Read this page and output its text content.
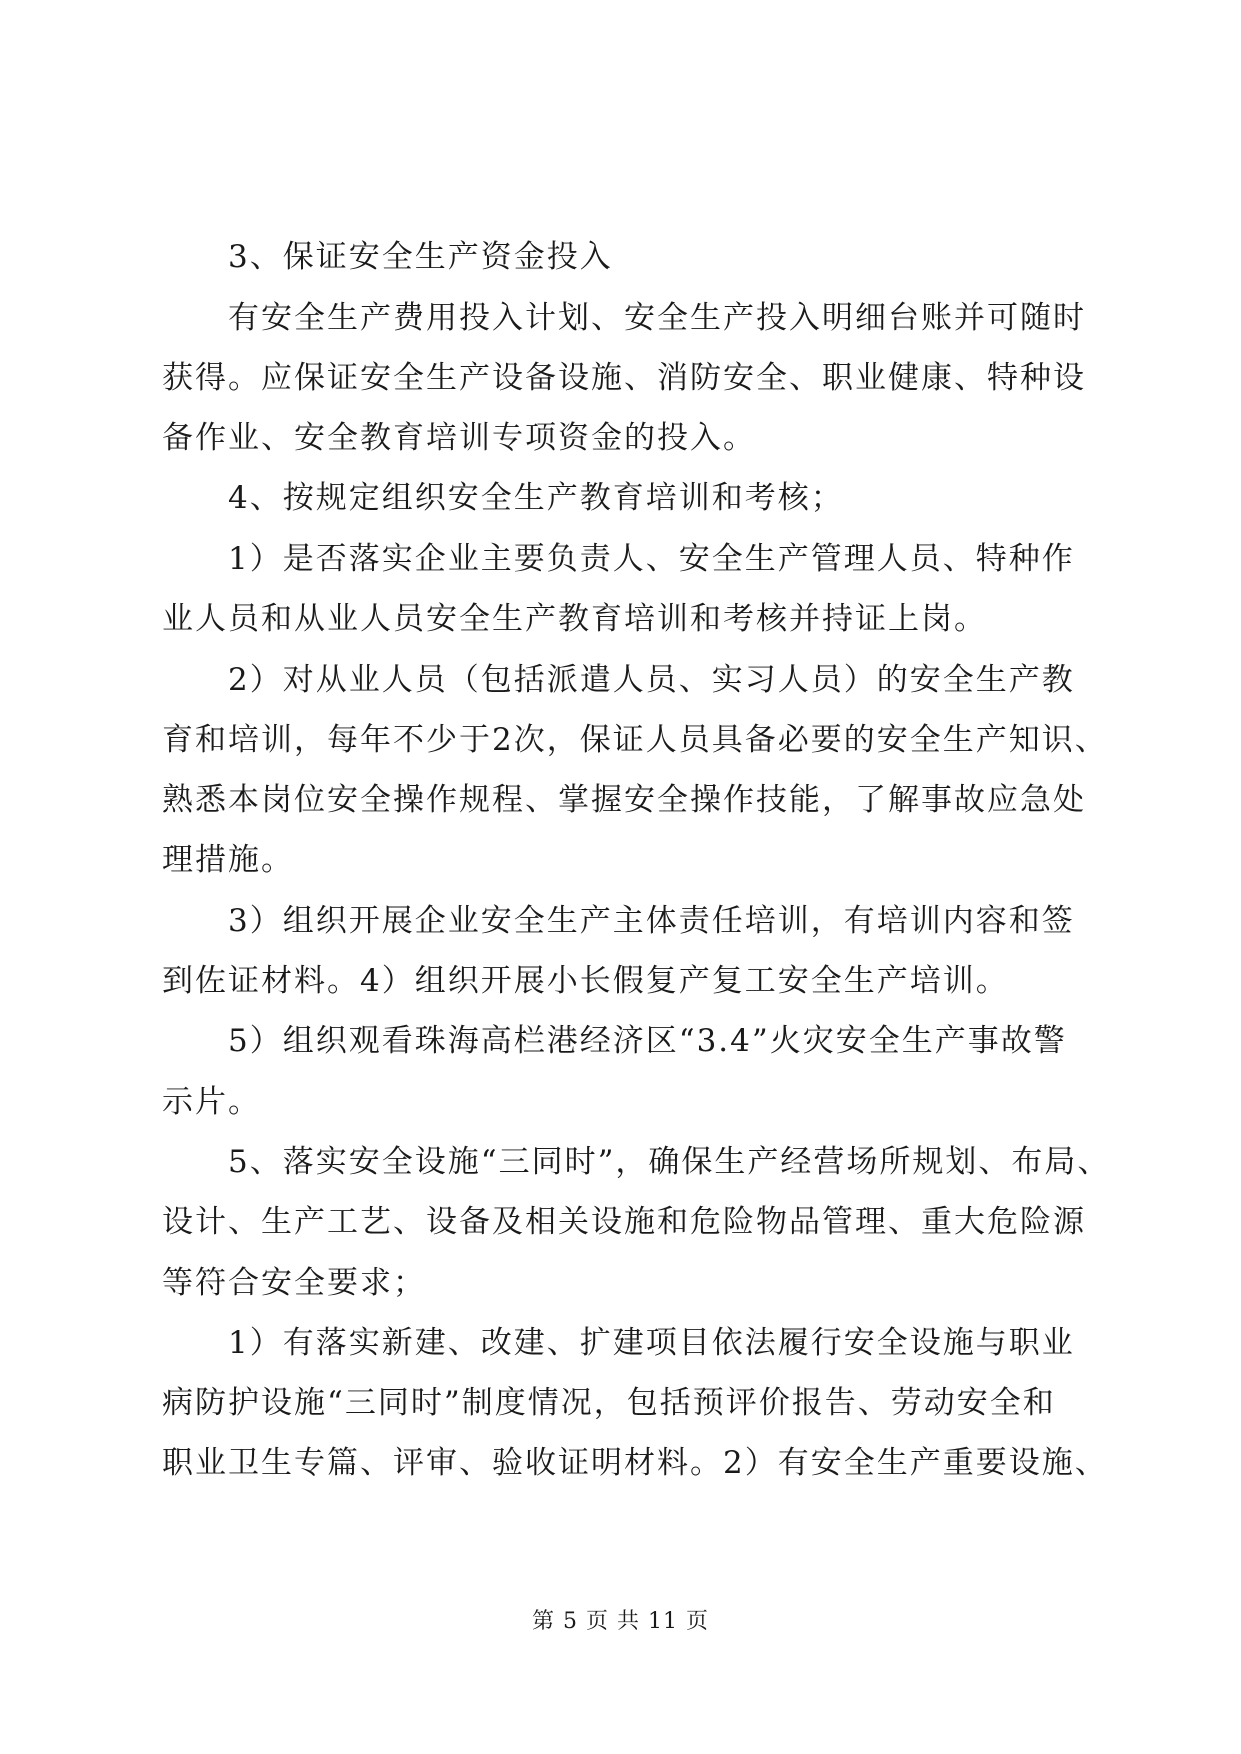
3、保证安全生产资金投入
有安全生产费用投入计划、安全生产投入明细台账并可随时
获得。应保证安全生产设备设施、消防安全、职业健康、特种设
备作业、安全教育培训专项资金的投入。
4、按规定组织安全生产教育培训和考核；
1）是否落实企业主要负责人、安全生产管理人员、特种作
业人员和从业人员安全生产教育培训和考核并持证上岗。
2）对从业人员（包括派遣人员、实习人员）的安全生产教
育和培训，每年不少于2次，保证人员具备必要的安全生产知识、
熟悉本岗位安全操作规程、掌握安全操作技能，了解事故应急处
理措施。
3）组织开展企业安全生产主体责任培训，有培训内容和签
到佐证材料。4）组织开展小长假复产复工安全生产培训。
5）组织观看珠海高栏港经济区“3.4”火灾安全生产事故警
示片。
5、落实安全设施“三同时”，确保生产经营场所规划、布局、
设计、生产工艺、设备及相关设施和危险物品管理、重大危险源
等符合安全要求；
1）有落实新建、改建、扩建项目依法履行安全设施与职业
病防护设施“三同时”制度情况，包括预评价报告、劳动安全和
职业卫生专篇、评审、验收证明材料。2）有安全生产重要设施、
第 5 页 共 11 页
